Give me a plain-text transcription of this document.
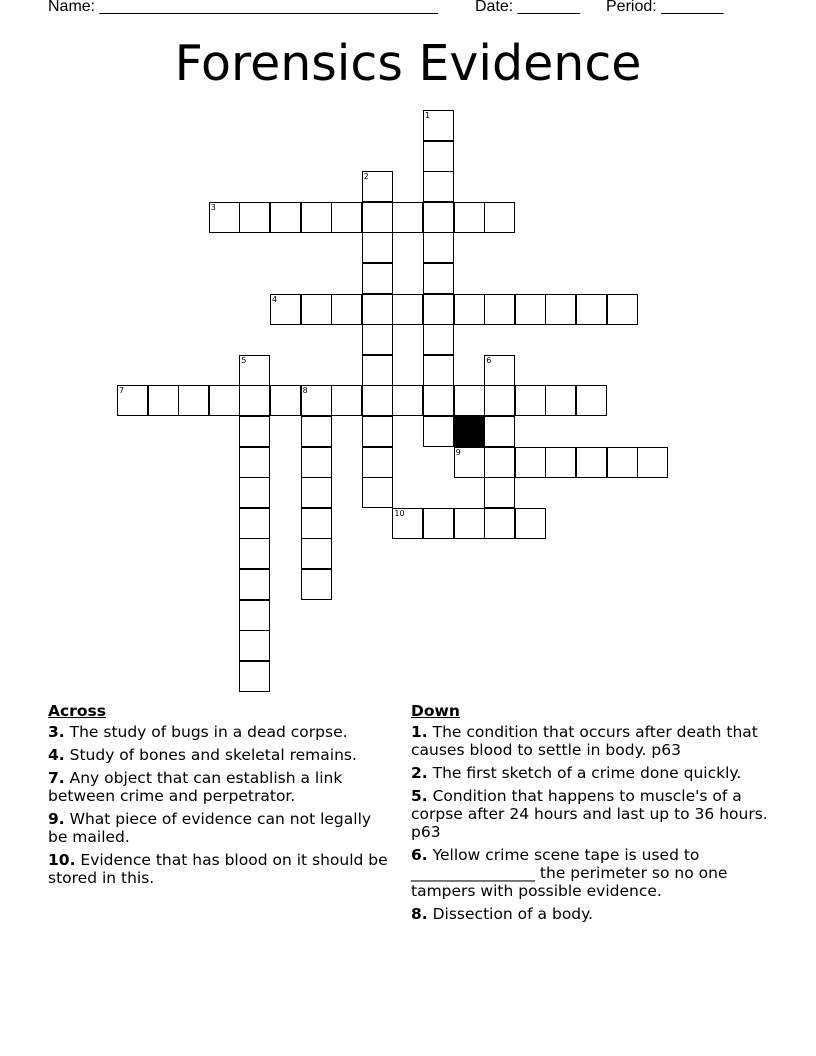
Name: ______________________________________

Date: _______

Period: _______

Forensics Evidence
1
2
3
4
5	6
7	8
9
10
Across
3. The study of bugs in a dead corpse.
4. Study of bones and skeletal remains.
7. Any object that can establish a link between crime and perpetrator.
9. What piece of evidence can not legally be mailed.
10. Evidence that has blood on it should be stored in this.
Down
1. The condition that occurs after death that causes blood to settle in body. p63
2. The first sketch of a crime done quickly.
5. Condition that happens to muscle's of a corpse after 24 hours and last up to 36 hours. p63
6. Yellow crime scene tape is used to ________________ the perimeter so no one tampers with possible evidence.
8. Dissection of a body.
